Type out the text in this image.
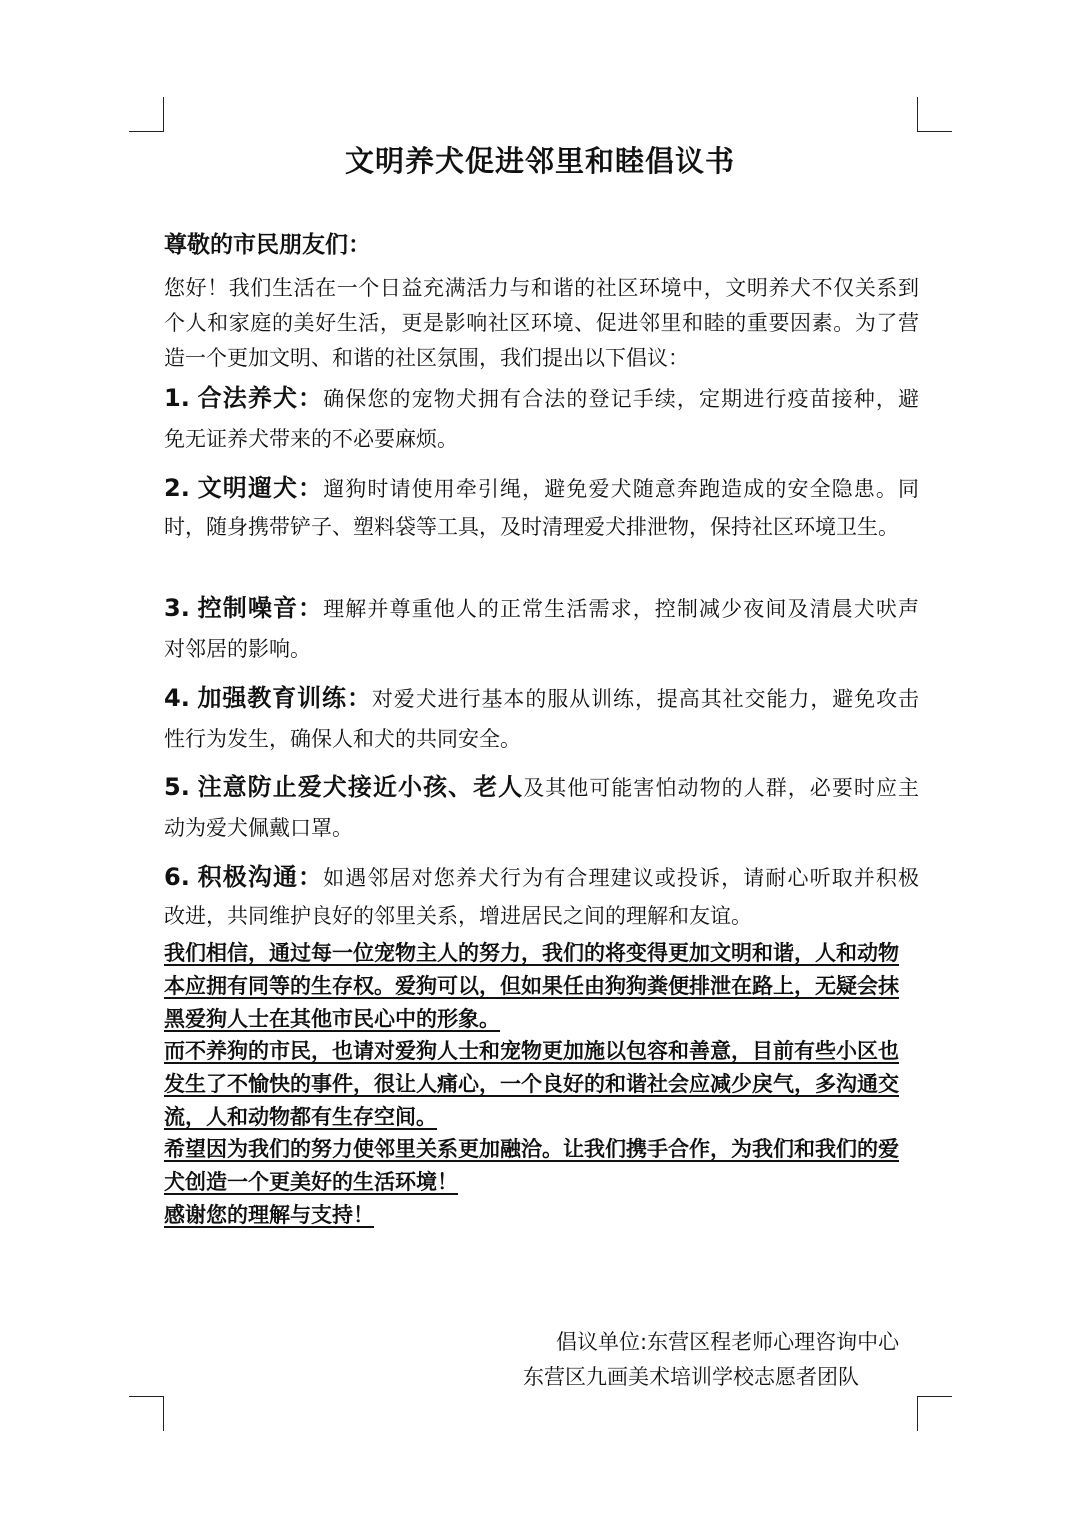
文明养犬促进邻里和睦倡议书
尊敬的市民朋友们：

您好！我们生活在一个日益充满活力与和谐的社区环境中，文明养犬不仅关系到个人和家庭的美好生活，更是影响社区环境、促进邻里和睦的重要因素。为了营造一个更加文明、和谐的社区氛围，我们提出以下倡议：

1. 合法养犬：确保您的宠物犬拥有合法的登记手续，定期进行疫苗接种，避
免无证养犬带来的不必要麻烦。
2. 文明遛犬：遛狗时请使用牵引绳，避免爱犬随意奔跑造成的安全隐患。同
时，随身携带铲子、塑料袋等工具，及时清理爱犬排泄物，保持社区环境卫生。
3. 控制噪音：理解并尊重他人的正常生活需求，控制减少夜间及清晨犬吠声
对邻居的影响。
4. 加强教育训练：对爱犬进行基本的服从训练，提高其社交能力，避免攻击
性行为发生，确保人和犬的共同安全。
5. 注意防止爱犬接近小孩、老人及其他可能害怕动物的人群，必要时应主
动为爱犬佩戴口罩。
6. 积极沟通：如遇邻居对您养犬行为有合理建议或投诉，请耐心听取并积极
改进，共同维护良好的邻里关系，增进居民之间的理解和友谊。

我们相信，通过每一位宠物主人的努力，我们的将变得更加文明和谐，人和动物本应拥有同等的生存权。爱狗可以，但如果任由狗狗粪便排泄在路上，无疑会抹黑爱狗人士在其他市民心中的形象。

而不养狗的市民，也请对爱狗人士和宠物更加施以包容和善意，目前有些小区也发生了不愉快的事件，很让人痛心，一个良好的和谐社会应减少戾气，多沟通交流，人和动物都有生存空间。

希望因为我们的努力使邻里关系更加融洽。让我们携手合作，为我们和我们的爱犬创造一个更美好的生活环境！

感谢您的理解与支持！

倡议单位:东营区程老师心理咨询中心
东营区九画美术培训学校志愿者团队
